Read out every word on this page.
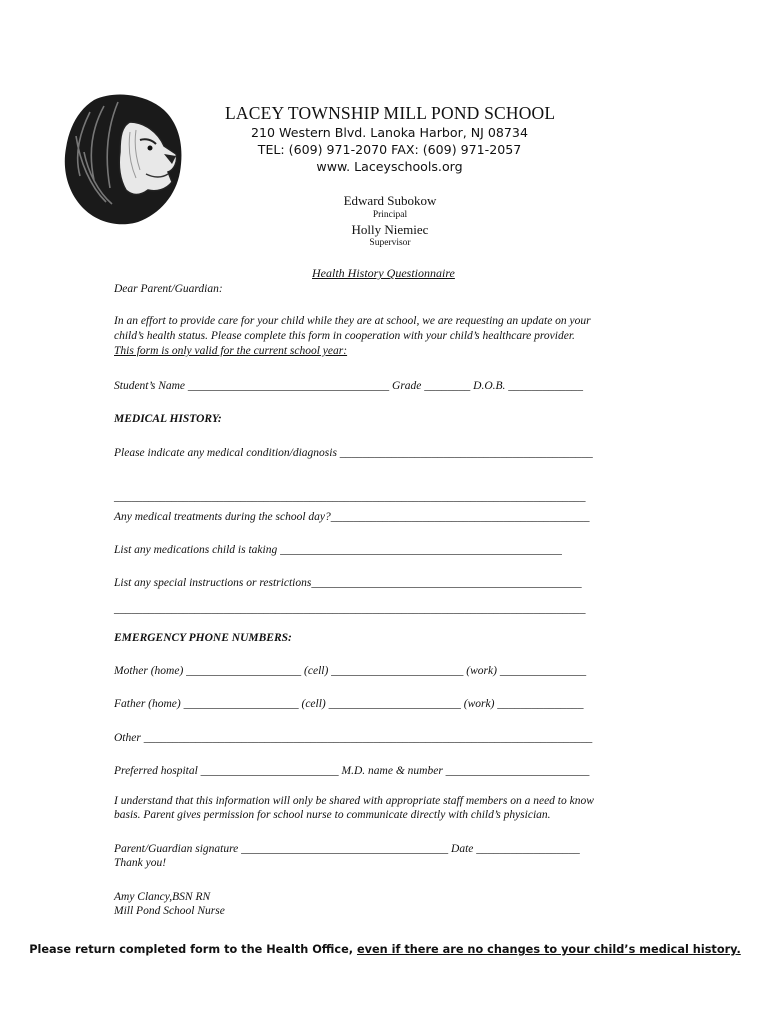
LACEY TOWNSHIP MILL POND SCHOOL
210 Western Blvd. Lanoka Harbor, NJ 08734
TEL: (609) 971-2070 FAX: (609) 971-2057
www. Laceyschools.org
Edward Subokow
Principal
Holly Niemiec
Supervisor
Health History Questionnaire
Dear Parent/Guardian:
In an effort to provide care for your child while they are at school, we are requesting an update on your
child’s health status. Please complete this form in cooperation with your child’s healthcare provider.
This form is only valid for the current school year:
Student’s Name ___________________________________ Grade ________ D.O.B. _____________
MEDICAL HISTORY:
Please indicate any medical condition/diagnosis ____________________________________________
__________________________________________________________________________________
Any medical treatments during the school day?_____________________________________________
List any medications child is taking _________________________________________________
List any special instructions or restrictions_______________________________________________
__________________________________________________________________________________
EMERGENCY PHONE NUMBERS:
Mother (home) ____________________ (cell) _______________________ (work) _______________
Father (home) ____________________ (cell) _______________________ (work) _______________
Other ______________________________________________________________________________
Preferred hospital ________________________ M.D. name & number _________________________
I understand that this information will only be shared with appropriate staff members on a need to know
basis. Parent gives permission for school nurse to communicate directly with child’s physician.
Parent/Guardian signature ____________________________________ Date __________________
Thank you!
Amy Clancy,BSN RN
Mill Pond School Nurse
Please return completed form to the Health Office, even if there are no changes to your child’s medical history.
